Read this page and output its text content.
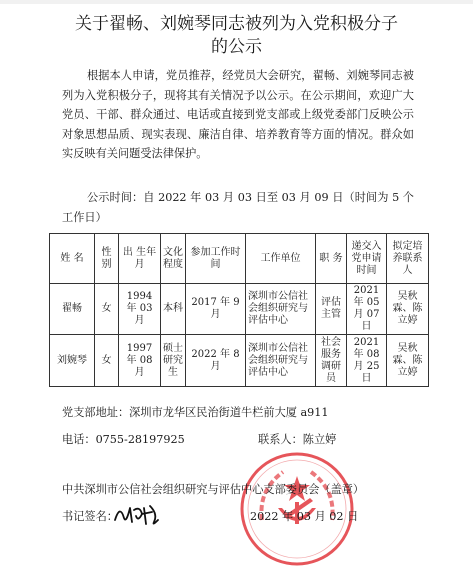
关于翟畅、刘婉琴同志被列为入党积极分子
的公示

根据本人申请，党员推荐，经党员大会研究，翟畅、刘婉琴同志被列为入党积极分子，现将其有关情况予以公示。在公示期间，欢迎广大党员、干部、群众通过、电话或直接到党支部或上级党委部门反映公示对象思想品质、现实表现、廉洁自律、培养教育等方面的情况。群众如实反映有关问题受法律保护。

公示时间：自 2022 年 03 月 03 日至 03 月 09 日（时间为 5 个工作日）

姓 名	性别	出 生年 月	文化程度	参加工作时间	工作单位	职 务	递交入党申请时间	拟定培养联系人
翟畅	女	1994 年 03 月	本科	2017 年 9 月	深圳市公信社会组织研究与评估中心	评估主管	2021 年 05 月 07 日	吴秋霖、陈立婷
刘婉琴	女	1997 年 08 月	硕士研究生	2022 年 8 月	深圳市公信社会组织研究与评估中心	社会服务调研员	2021 年 08 月 25 日	吴秋霖、陈立婷
党支部地址：深圳市龙华区民治街道牛栏前大厦 a911
电话：0755-28197925	联系人：陈立婷
中共深圳市公信社会组织研究与评估中心支部委员会（盖章）
书记签名：	2022 年 03 月 02 日
